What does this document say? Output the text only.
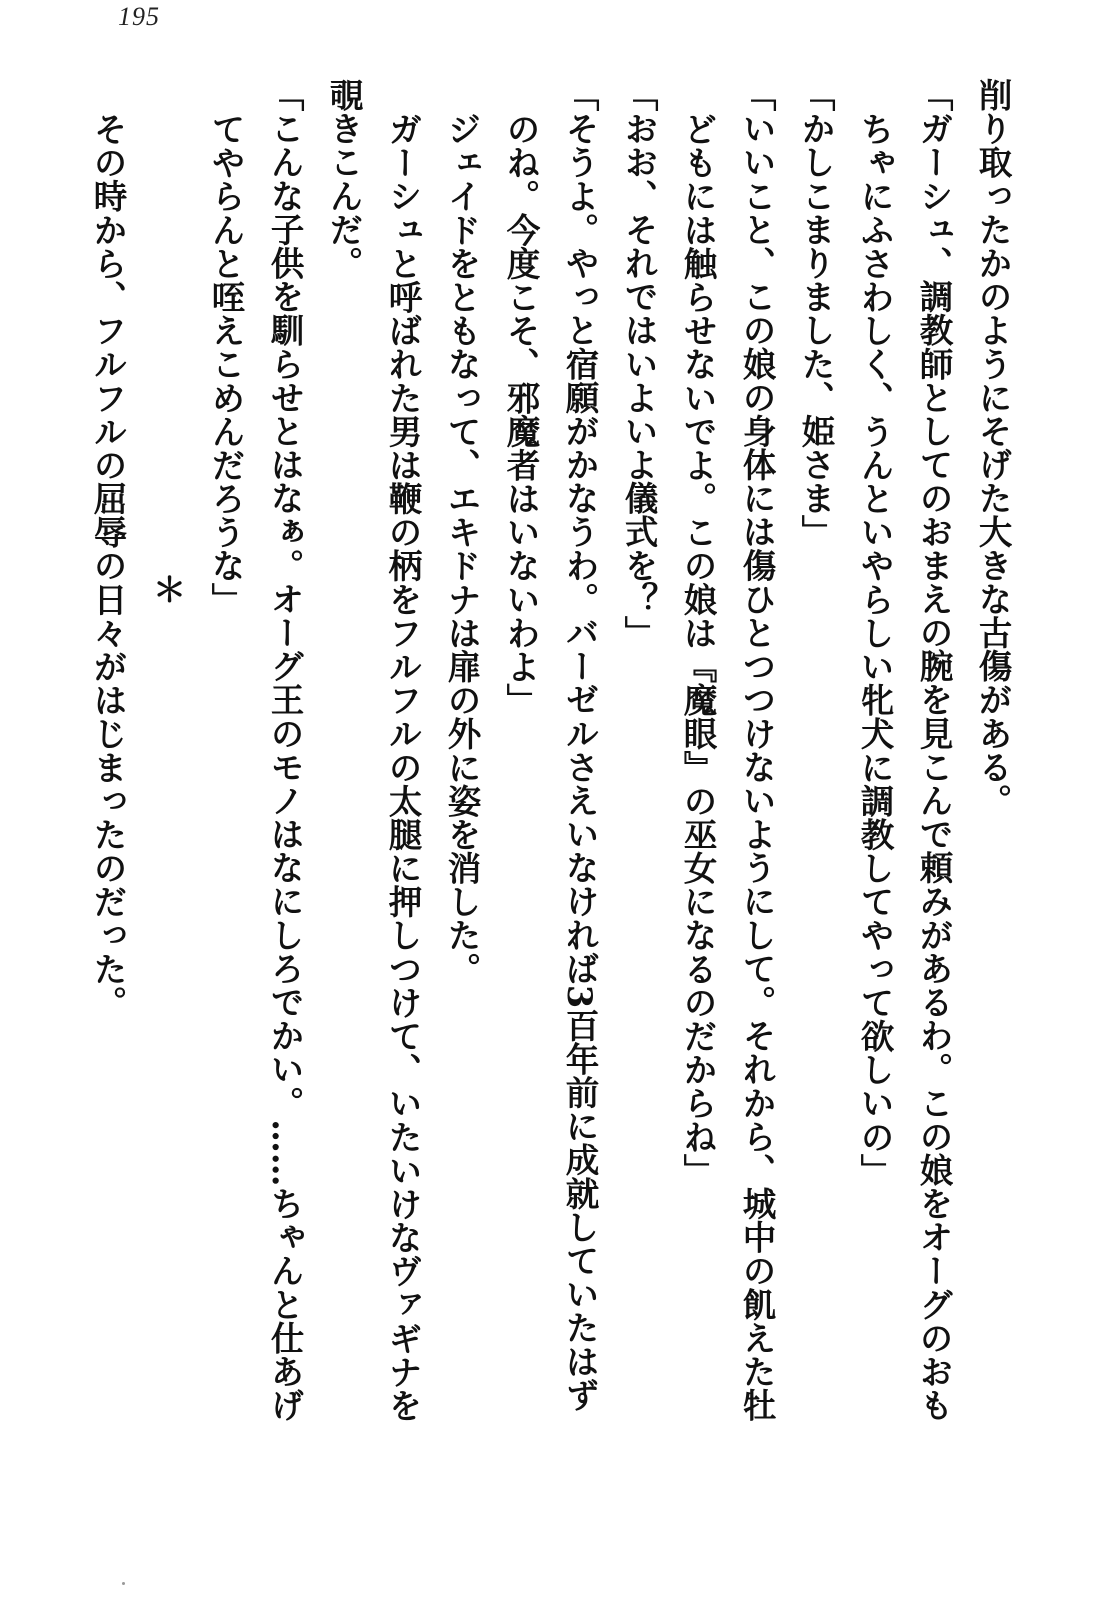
195

削り取ったかのようにそげた大きな古傷がある。

「ガーシュ、調教師としてのおまえの腕を見こんで頼みがあるわ。この娘をオーグのおも

ちゃにふさわしく、うんといやらしい牝犬に調教してやって欲しいの」

「かしこまりました、姫さま」

「いいこと、この娘の身体には傷ひとつつけないようにして。それから、城中の飢えた牡

どもには触らせないでよ。この娘は『魔眼』の巫女になるのだからね」

「おお、それではいよいよ儀式を？」

「そうよ。やっと宿願がかなうわ。バーゼルさえいなければ3百年前に成就していたはず

のね。今度こそ、邪魔者はいないわよ」

ジェイドをともなって、エキドナは扉の外に姿を消した。

ガーシュと呼ばれた男は鞭の柄をフルフルの太腿に押しつけて、いたいけなヴァギナを

覗きこんだ。

「こんな子供を馴らせとはなぁ。オーグ王のモノはなにしろでかい。……ちゃんと仕あげ

てやらんと咥えこめんだろうな」

＊

その時から、フルフルの屈辱の日々がはじまったのだった。
